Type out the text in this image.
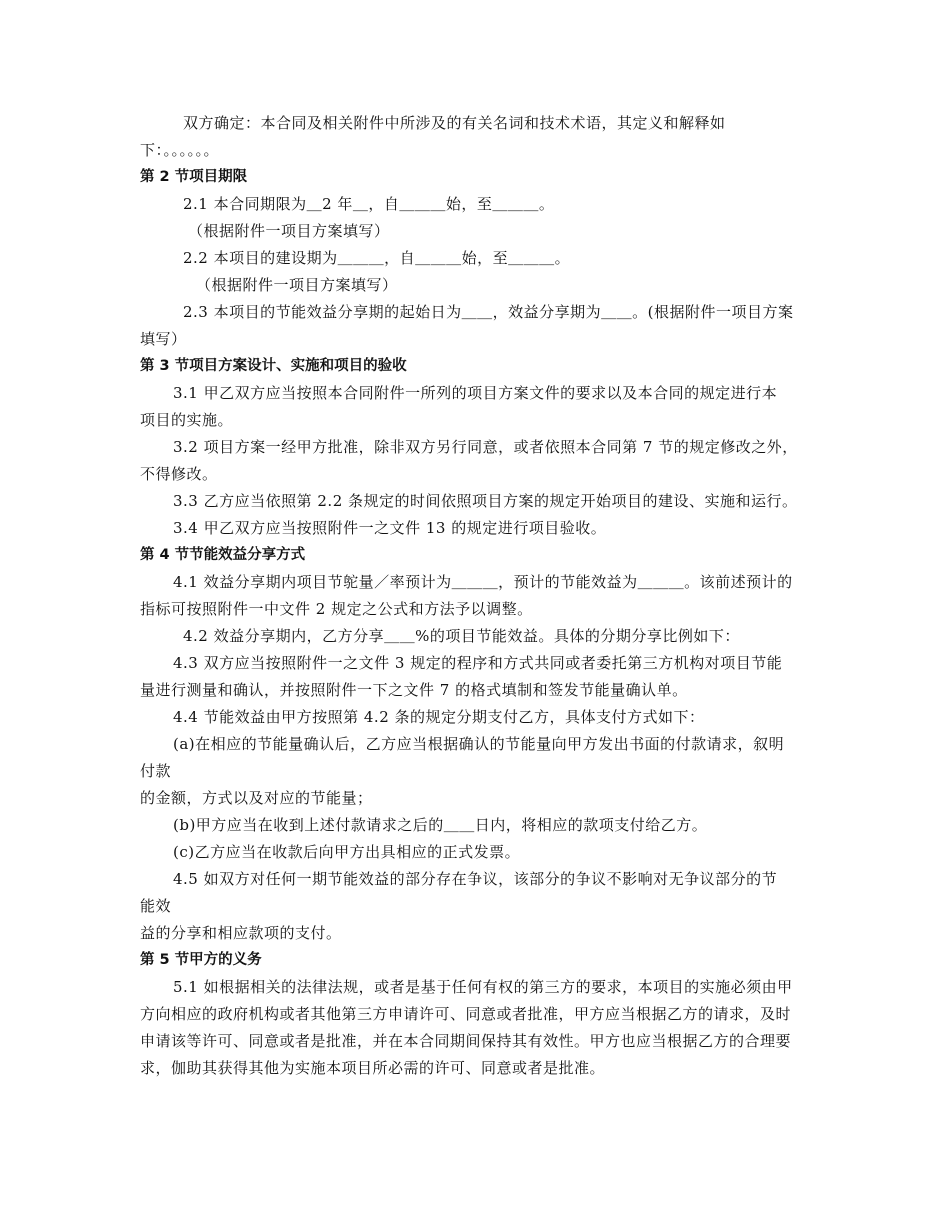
双方确定：本合同及相关附件中所涉及的有关名词和技术术语，其定义和解释如
下：。。。。。。
第 2 节项目期限
2.1 本合同期限为＿2 年＿，自＿＿＿始，至＿＿＿。
（根据附件一项目方案填写）
2.2 本项目的建设期为＿＿＿，自＿＿＿始，至＿＿＿。
（根据附件一项目方案填写）
2.3 本项目的节能效益分享期的起始日为＿＿，效益分享期为＿＿。(根据附件一项目方案
填写）
第 3 节项目方案设计、实施和项目的验收
3.1 甲乙双方应当按照本合同附件一所列的项目方案文件的要求以及本合同的规定进行本
项目的实施。
3.2 项目方案一经甲方批准，除非双方另行同意，或者依照本合同第 7 节的规定修改之外，
不得修改。
3.3 乙方应当依照第 2.2 条规定的时间依照项目方案的规定开始项目的建设、实施和运行。
3.4 甲乙双方应当按照附件一之文件 13 的规定进行项目验收。
第 4 节节能效益分享方式
4.1 效益分享期内项目节鸵量／率预计为＿＿＿，预计的节能效益为＿＿＿。该前述预计的
指标可按照附件一中文件 2 规定之公式和方法予以调整。
4.2 效益分享期内，乙方分享＿＿%的项目节能效益。具体的分期分享比例如下：
4.3 双方应当按照附件一之文件 3 规定的程序和方式共同或者委托第三方机构对项目节能
量进行测量和确认，并按照附件一下之文件 7 的格式填制和签发节能量确认单。
4.4 节能效益由甲方按照第 4.2 条的规定分期支付乙方，具体支付方式如下：
(a)在相应的节能量确认后，乙方应当根据确认的节能量向甲方发出书面的付款请求，叙明
付款
的金额，方式以及对应的节能量；
(b)甲方应当在收到上述付款请求之后的＿＿日内，将相应的款项支付给乙方。
(c)乙方应当在收款后向甲方出具相应的正式发票。
4.5 如双方对任何一期节能效益的部分存在争议，该部分的争议不影响对无争议部分的节
能效
益的分享和相应款项的支付。
第 5 节甲方的义务
5.1 如根据相关的法律法规，或者是基于任何有权的第三方的要求，本项目的实施必须由甲
方向相应的政府机构或者其他第三方申请许可、同意或者批准，甲方应当根据乙方的请求，及时
申请该等许可、同意或者是批准，并在本合同期间保持其有效性。甲方也应当根据乙方的合理要
求，伽助其获得其他为实施本项目所必需的许可、同意或者是批准。
